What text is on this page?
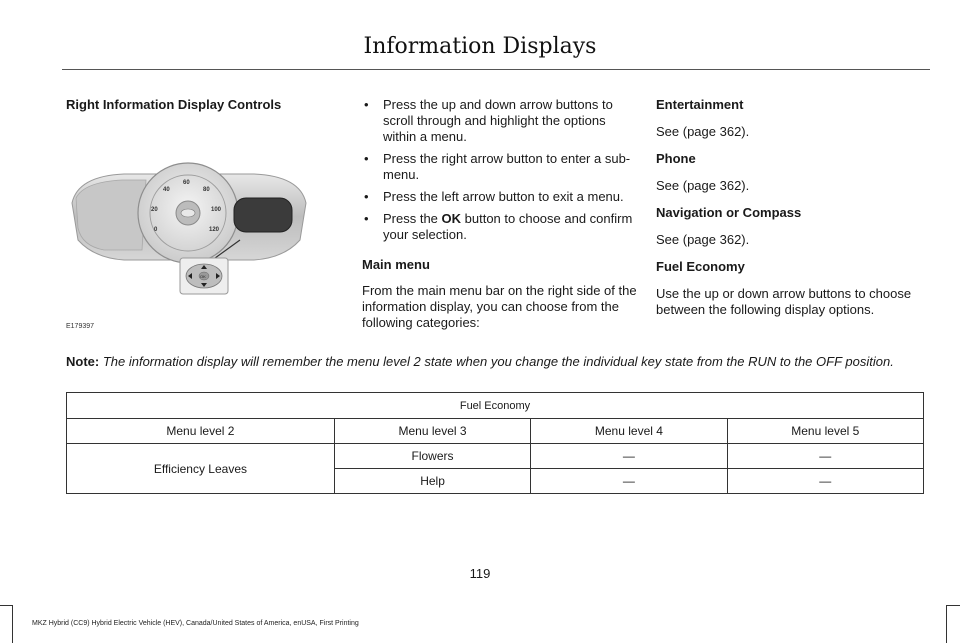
Information Displays
Right Information Display Controls
0
20
40
60
80
100
120
OK
E179397
• Press the up and down arrow buttons to scroll through and highlight the options within a menu.
• Press the right arrow button to enter a sub-menu.
• Press the left arrow button to exit a menu.
• Press the OK button to choose and confirm your selection.
Main menu

From the main menu bar on the right side of the information display, you can choose from the following categories:

Entertainment

See (page 362).

Phone

See (page 362).

Navigation or Compass

See (page 362).

Fuel Economy

Use the up or down arrow buttons to choose between the following display options.

Note: The information display will remember the menu level 2 state when you change the individual key state from the RUN to the OFF position.
Fuel Economy			
Menu level 2	Menu level 3	Menu level 4	Menu level 5
Efficiency Leaves	Flowers	—	—
	Help	—	—
119
MKZ Hybrid (CC9) Hybrid Electric Vehicle (HEV), Canada/United States of America, enUSA, First Printing
